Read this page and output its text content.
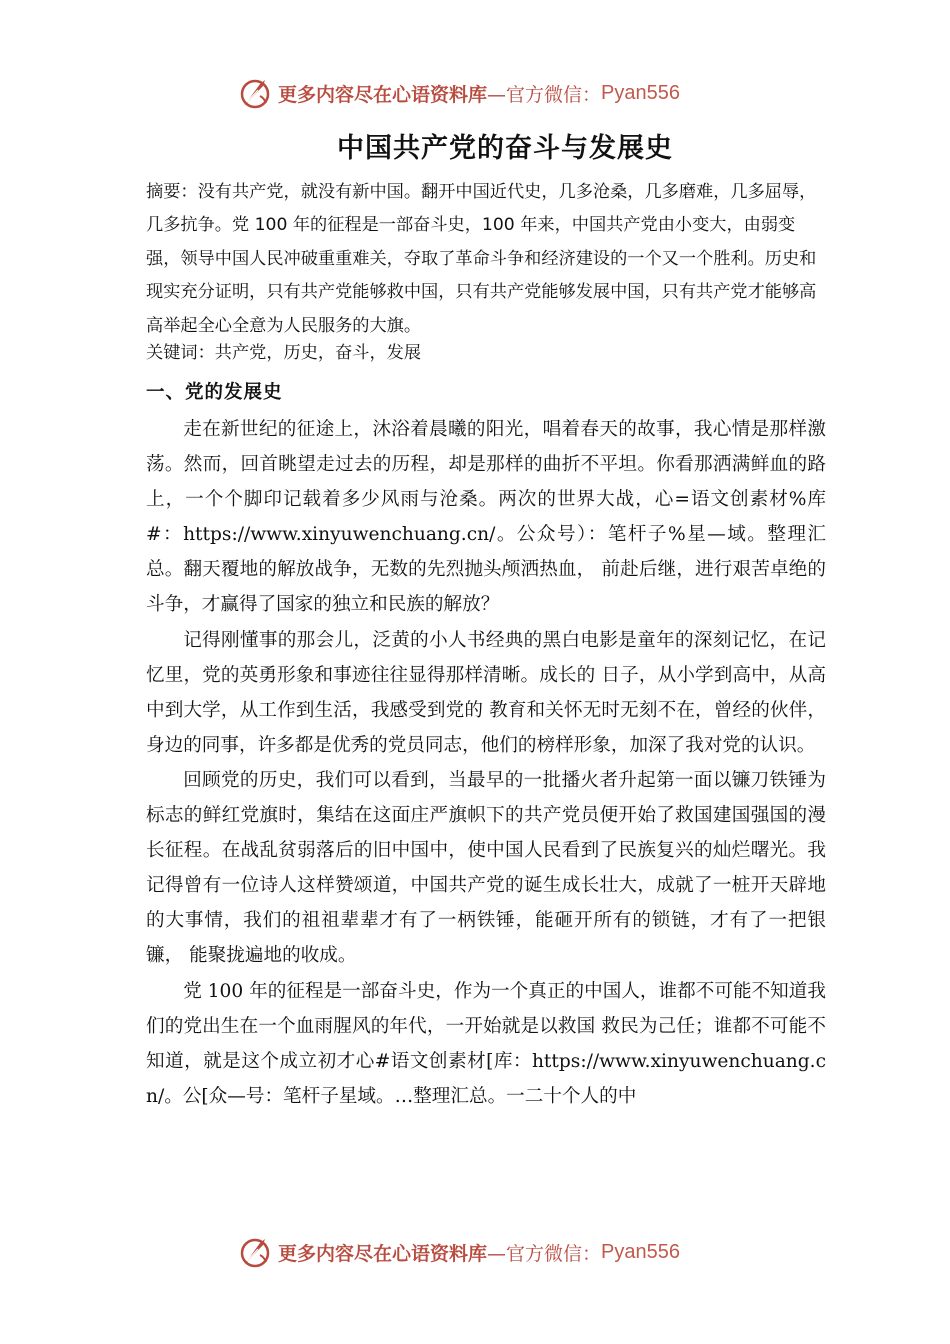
更多内容尽在心语资料库 —官方微信： Pyan556
中国共产党的奋斗与发展史

摘要：没有共产党，就没有新中国。翻开中国近代史，几多沧桑，几多磨难，几多屈辱，几多抗争。党 100 年的征程是一部奋斗史，100 年来，中国共产党由小变大，由弱变强，领导中国人民冲破重重难关，夺取了革命斗争和经济建设的一个又一个胜利。历史和现实充分证明，只有共产党能够救中国，只有共产党能够发展中国，只有共产党才能够高高举起全心全意为人民服务的大旗。

关键词：共产党，历史，奋斗，发展
一、党的发展史

走在新世纪的征途上，沐浴着晨曦的阳光，唱着春天的故事，我心情是那样激荡。然而，回首眺望走过去的历程，却是那样的曲折不平坦。你看那洒满鲜血的路上，一个个脚印记载着多少风雨与沧桑。两次的世界大战，心=语文创素材%库#：https://www.xinyuwenchuang.cn/。公众号）：笔杆子%星—域。整理汇总。翻天覆地的解放战争，无数的先烈抛头颅洒热血， 前赴后继，进行艰苦卓绝的斗争，才赢得了国家的独立和民族的解放？

记得刚懂事的那会儿，泛黄的小人书经典的黑白电影是童年的深刻记忆，在记忆里，党的英勇形象和事迹往往显得那样清晰。成长的 日子，从小学到高中，从高中到大学，从工作到生活，我感受到党的 教育和关怀无时无刻不在，曾经的伙伴，身边的同事，许多都是优秀的党员同志，他们的榜样形象，加深了我对党的认识。

回顾党的历史，我们可以看到，当最早的一批播火者升起第一面以镰刀铁锤为标志的鲜红党旗时，集结在这面庄严旗帜下的共产党员便开始了救国建国强国的漫长征程。在战乱贫弱落后的旧中国中，使中国人民看到了民族复兴的灿烂曙光。我记得曾有一位诗人这样赞颂道，中国共产党的诞生成长壮大，成就了一桩开天辟地的大事情，我们的祖祖辈辈才有了一柄铁锤，能砸开所有的锁链，才有了一把银镰， 能聚拢遍地的收成。

党 100 年的征程是一部奋斗史，作为一个真正的中国人，谁都不可能不知道我们的党出生在一个血雨腥风的年代，一开始就是以救国 救民为己任；谁都不可能不知道，就是这个成立初才心#语文创素材[库：https://www.xinyuwenchuang.cn/。公[众—号：笔杆子星域。…整理汇总。一二十个人的中

更多内容尽在心语资料库 —官方微信： Pyan556
